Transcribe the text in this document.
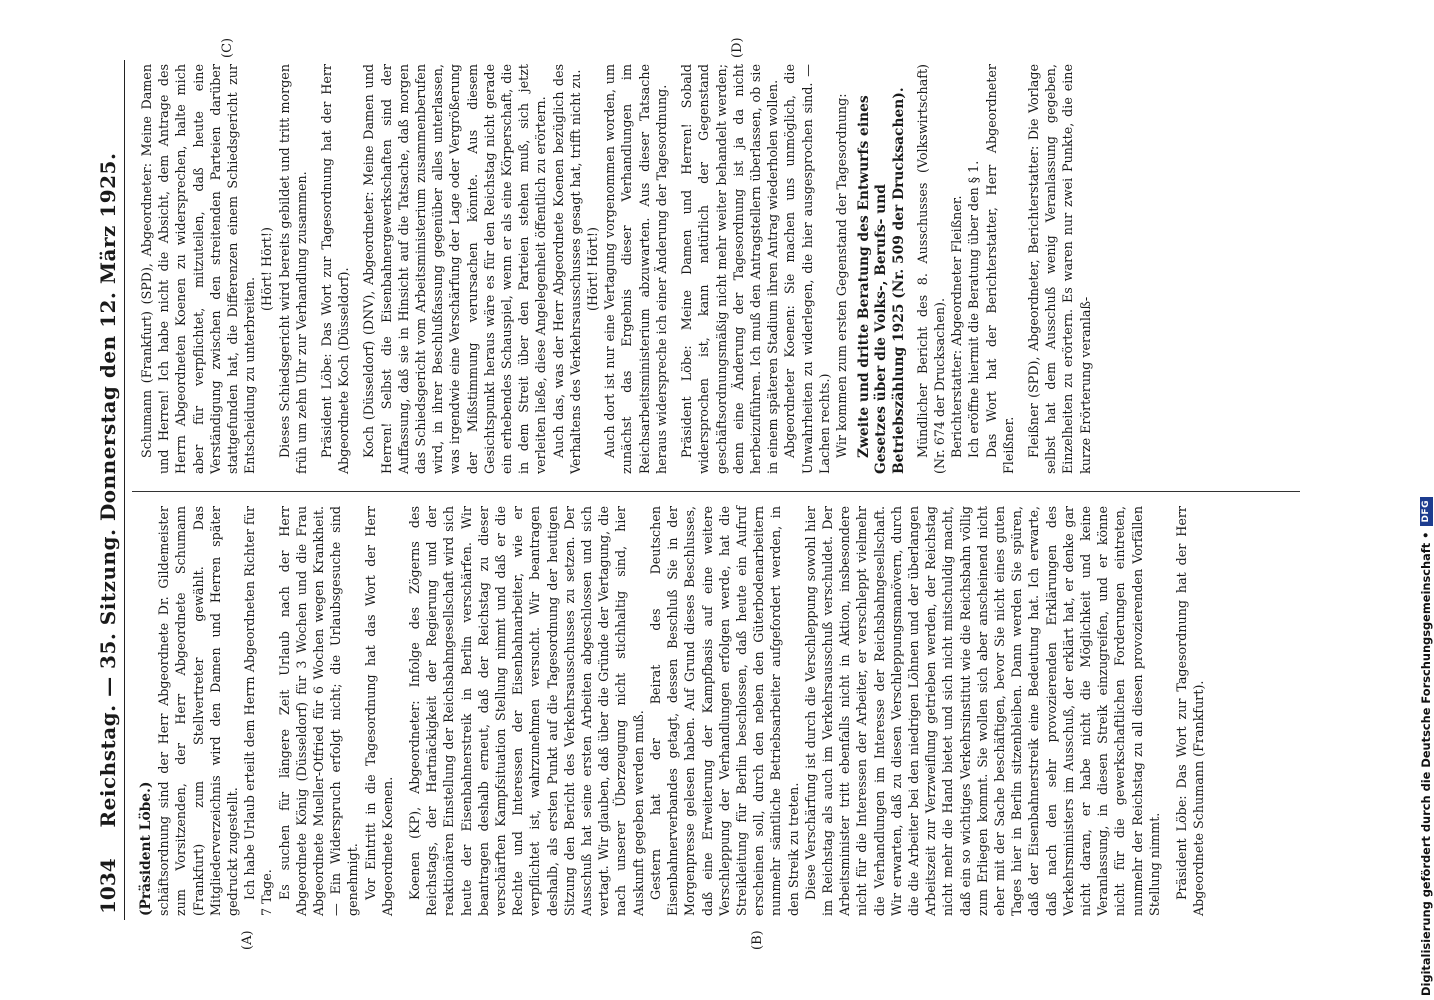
1034
Reichstag. — 35. Sitzung. Donnerstag den 12. März 1925.
(A)	(B)
(C)	(D)

(Präsident Löbe.) schäftsordnung sind der Herr Abgeordnete Dr. Gildemeister zum Vorsitzenden, der Herr Abgeordnete Schumann (Frankfurt) zum Stellvertreter gewählt. Das Mitgliederverzeichnis wird den Damen und Herren später gedruckt zugestellt. Ich habe Urlaub erteilt dem Herrn Abgeordneten Richter für 7 Tage. Es suchen für längere Zeit Urlaub nach der Herr Abgeordnete König (Düsseldorf) für 3 Wochen und die Frau Abgeordnete Mueller-Otfried für 6 Wochen wegen Krankheit. — Ein Widerspruch erfolgt nicht; die Urlaubsgesuche sind genehmigt. Vor Eintritt in die Tagesordnung hat das Wort der Herr Abgeordnete Koenen. Koenen (KP), Abgeordneter: Infolge des Zögerns des Reichstags, der Hartnäckigkeit der Regierung und der reaktionären Einstellung der Reichsbahngesellschaft wird sich heute der Eisenbahnerstreik in Berlin verschärfen. Wir beantragen deshalb erneut, daß der Reichstag zu dieser verschärften Kampfsituation Stellung nimmt und daß er die Rechte und Interessen der Eisenbahnarbeiter, wie er verpflichtet ist, wahrzunehmen versucht. Wir beantragen deshalb, als ersten Punkt auf die Tagesordnung der heutigen Sitzung den Bericht des Verkehrsausschusses zu setzen. Der Ausschuß hat seine ersten Arbeiten abgeschlossen und sich vertagt. Wir glauben, daß über die Gründe der Vertagung, die nach unserer Überzeugung nicht stichhaltig sind, hier Auskunft gegeben werden muß. Gestern hat der Beirat des Deutschen Eisenbahnerverbandes getagt, dessen Beschluß Sie in der Morgenpresse gelesen haben. Auf Grund dieses Beschlusses, daß eine Erweiterung der Kampfbasis auf eine weitere Verschleppung der Verhandlungen erfolgen werde, hat die Streikleitung für Berlin beschlossen, daß heute ein Aufruf erscheinen soll, durch den neben den Güterbodenarbeitern nunmehr sämtliche Betriebsarbeiter aufgefordert werden, in den Streik zu treten. Diese Verschärfung ist durch die Verschleppung sowohl hier im Reichstag als auch im Verkehrsausschuß verschuldet. Der Arbeitsminister tritt ebenfalls nicht in Aktion, insbesondere nicht für die Interessen der Arbeiter, er verschleppt vielmehr die Verhandlungen im Interesse der Reichsbahngesellschaft. Wir erwarten, daß zu diesen Verschleppungsmanövern, durch die die Arbeiter bei den niedrigen Löhnen und der überlangen Arbeitszeit zur Verzweiflung getrieben werden, der Reichstag nicht mehr die Hand bietet und sich nicht mitschuldig macht, daß ein so wichtiges Verkehrsinstitut wie die Reichsbahn völlig zum Erliegen kommt. Sie wollen sich aber anscheinend nicht eher mit der Sache beschäftigen, bevor Sie nicht eines guten Tages hier in Berlin sitzenbleiben. Dann werden Sie spüren, daß der Eisenbahnerstreik eine Bedeutung hat. Ich erwarte, daß nach den sehr provozierenden Erklärungen des Verkehrsministers im Ausschuß, der erklärt hat, er denke gar nicht daran, er habe nicht die Möglichkeit und keine Veranlassung, in diesen Streik einzugreifen, und er könne nicht für die gewerkschaftlichen Forderungen eintreten, nunmehr der Reichstag zu all diesen provozierenden Vorfällen Stellung nimmt. Präsident Löbe: Das Wort zur Tagesordnung hat der Herr Abgeordnete Schumann (Frankfurt).

Schumann (Frankfurt) (SPD), Abgeordneter: Meine Damen und Herren! Ich habe nicht die Absicht, dem Antrage des Herrn Abgeordneten Koenen zu widersprechen, halte mich aber für verpflichtet, mitzuteilen, daß heute eine Verständigung zwischen den streitenden Parteien darüber stattgefunden hat, die Differenzen einem Schiedsgericht zur Entscheidung zu unterbreiten.

(Hört! Hört!) Dieses Schiedsgericht wird bereits gebildet und tritt morgen früh um zehn Uhr zur Verhandlung zusammen. Präsident Löbe: Das Wort zur Tagesordnung hat der Herr Abgeordnete Koch (Düsseldorf). Koch (Düsseldorf) (DNV), Abgeordneter: Meine Damen und Herren! Selbst die Eisenbahnergewerkschaften sind der Auffassung, daß sie in Hinsicht auf die Tatsache, daß morgen das Schiedsgericht vom Arbeitsministerium zusammenberufen wird, in ihrer Beschlußfassung gegenüber alles unterlassen, was irgendwie eine Verschärfung der Lage oder Vergrößerung der Mißstimmung verursachen könnte. Aus diesem Gesichtspunkt heraus wäre es für den Reichstag nicht gerade ein erhebendes Schauspiel, wenn er als eine Körperschaft, die in dem Streit über den Parteien stehen muß, sich jetzt verleiten ließe, diese Angelegenheit öffentlich zu erörtern. Auch das, was der Herr Abgeordnete Koenen bezüglich des Verhaltens des Verkehrsausschusses gesagt hat, trifft nicht zu. (Hört! Hört!) Auch dort ist nur eine Vertagung vorgenommen worden, um zunächst das Ergebnis dieser Verhandlungen im Reichsarbeitsministerium abzuwarten. Aus dieser Tatsache heraus widerspreche ich einer Änderung der Tagesordnung. Präsident Löbe: Meine Damen und Herren! Sobald widersprochen ist, kann natürlich der Gegenstand geschäftsordnungsmäßig nicht mehr weiter behandelt werden; denn eine Änderung der Tagesordnung ist ja da nicht herbeizuführen. Ich muß den Antragstellern überlassen, ob sie in einem späteren Stadium ihren Antrag wiederholen wollen. Abgeordneter Koenen: Sie machen uns unmöglich, die Unwahrheiten zu widerlegen, die hier ausgesprochen sind. — Lachen rechts.) Wir kommen zum ersten Gegenstand der Tagesordnung: Zweite und dritte Beratung des Entwurfs eines Gesetzes über die Volks-, Berufs- und Betriebszählung 1925 (Nr. 509 der Drucksachen). Mündlicher Bericht des 8. Ausschusses (Volkswirtschaft) (Nr. 674 der Drucksachen). Berichterstatter: Abgeordneter Fleißner. Ich eröffne hiermit die Beratung über den § 1. Das Wort hat der Berichterstatter, Herr Abgeordneter Fleißner. Fleißner (SPD), Abgeordneter, Berichterstatter: Die Vorlage selbst hat dem Ausschuß wenig Veranlassung gegeben, Einzelheiten zu erörtern. Es waren nur zwei Punkte, die eine kurze Erörterung veranlaß-

Digitalisierung gefördert durch die Deutsche Forschungsgemeinschaft •
DFG
